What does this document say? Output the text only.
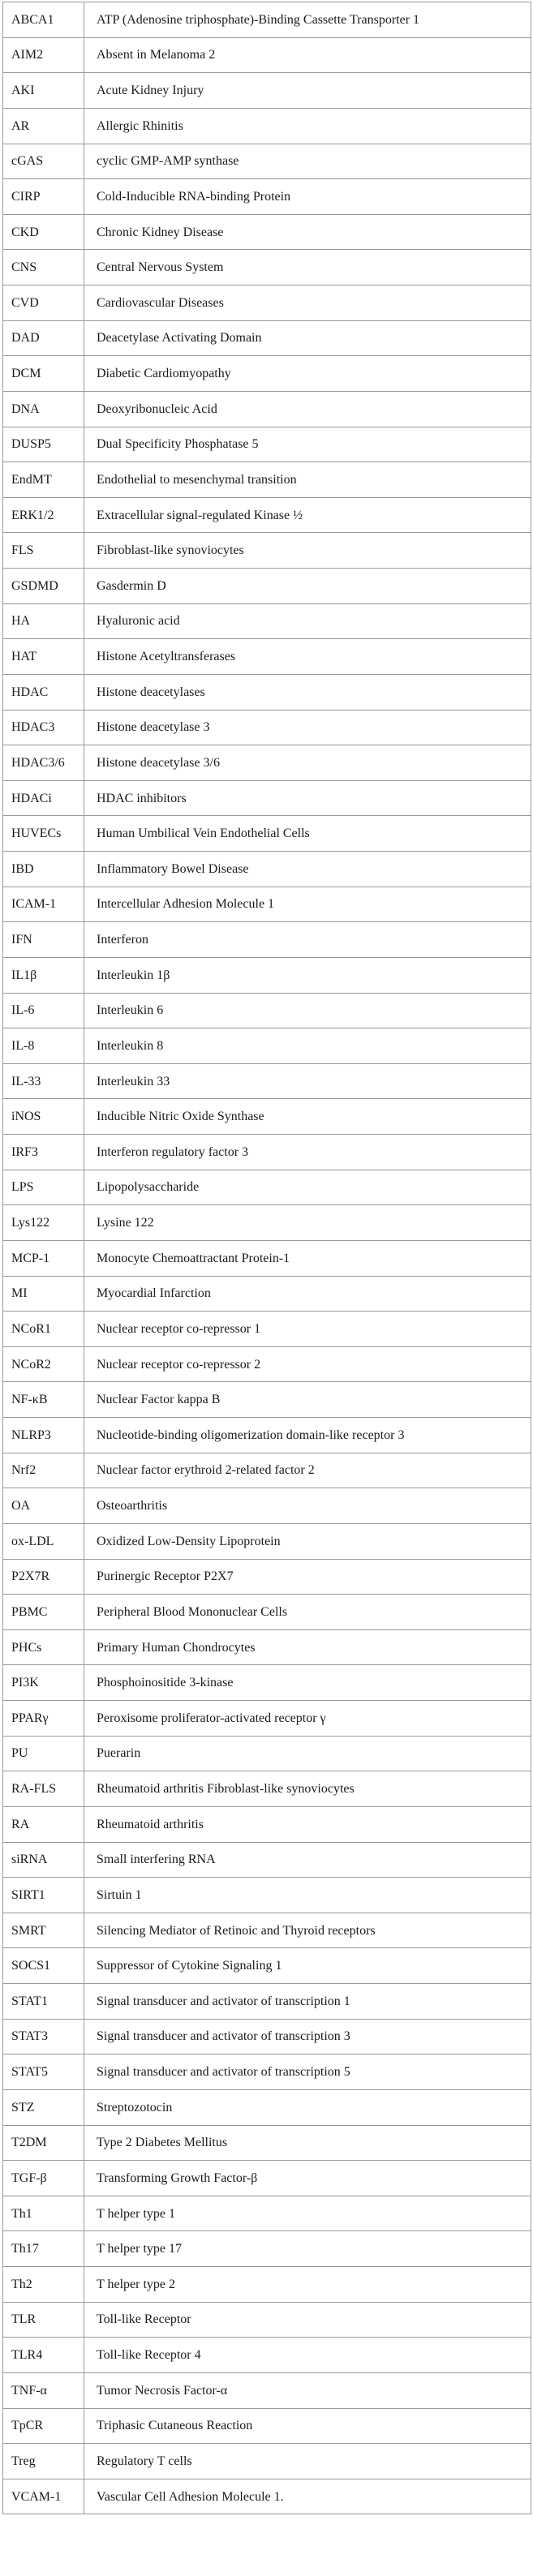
ABCA1	ATP (Adenosine triphosphate)-Binding Cassette Transporter 1
AIM2	Absent in Melanoma 2
AKI	Acute Kidney Injury
AR	Allergic Rhinitis
cGAS	cyclic GMP-AMP synthase
CIRP	Cold-Inducible RNA-binding Protein
CKD	Chronic Kidney Disease
CNS	Central Nervous System
CVD	Cardiovascular Diseases
DAD	Deacetylase Activating Domain
DCM	Diabetic Cardiomyopathy
DNA	Deoxyribonucleic Acid
DUSP5	Dual Specificity Phosphatase 5
EndMT	Endothelial to mesenchymal transition
ERK1/2	Extracellular signal-regulated Kinase ½
FLS	Fibroblast-like synoviocytes
GSDMD	Gasdermin D
HA	Hyaluronic acid
HAT	Histone Acetyltransferases
HDAC	Histone deacetylases
HDAC3	Histone deacetylase 3
HDAC3/6	Histone deacetylase 3/6
HDACi	HDAC inhibitors
HUVECs	Human Umbilical Vein Endothelial Cells
IBD	Inflammatory Bowel Disease
ICAM-1	Intercellular Adhesion Molecule 1
IFN	Interferon
IL1β	Interleukin 1β
IL-6	Interleukin 6
IL-8	Interleukin 8
IL-33	Interleukin 33
iNOS	Inducible Nitric Oxide Synthase
IRF3	Interferon regulatory factor 3
LPS	Lipopolysaccharide
Lys122	Lysine 122
MCP-1	Monocyte Chemoattractant Protein-1
MI	Myocardial Infarction
NCoR1	Nuclear receptor co-repressor 1
NCoR2	Nuclear receptor co-repressor 2
NF-κB	Nuclear Factor kappa B
NLRP3	Nucleotide-binding oligomerization domain-like receptor 3
Nrf2	Nuclear factor erythroid 2-related factor 2
OA	Osteoarthritis
ox-LDL	Oxidized Low-Density Lipoprotein
P2X7R	Purinergic Receptor P2X7
PBMC	Peripheral Blood Mononuclear Cells
PHCs	Primary Human Chondrocytes
PI3K	Phosphoinositide 3-kinase
PPARγ	Peroxisome proliferator-activated receptor γ
PU	Puerarin
RA-FLS	Rheumatoid arthritis Fibroblast-like synoviocytes
RA	Rheumatoid arthritis
siRNA	Small interfering RNA
SIRT1	Sirtuin 1
SMRT	Silencing Mediator of Retinoic and Thyroid receptors
SOCS1	Suppressor of Cytokine Signaling 1
STAT1	Signal transducer and activator of transcription 1
STAT3	Signal transducer and activator of transcription 3
STAT5	Signal transducer and activator of transcription 5
STZ	Streptozotocin
T2DM	Type 2 Diabetes Mellitus
TGF-β	Transforming Growth Factor-β
Th1	T helper type 1
Th17	T helper type 17
Th2	T helper type 2
TLR	Toll-like Receptor
TLR4	Toll-like Receptor 4
TNF-α	Tumor Necrosis Factor-α
TpCR	Triphasic Cutaneous Reaction
Treg	Regulatory T cells
VCAM-1	Vascular Cell Adhesion Molecule 1.
